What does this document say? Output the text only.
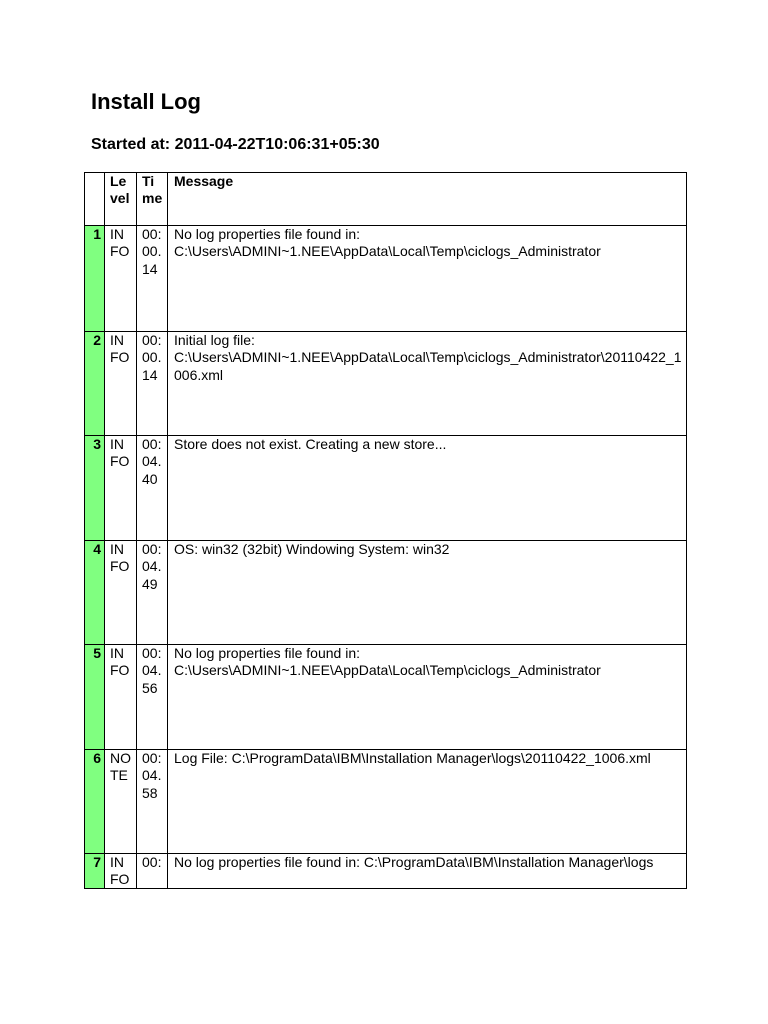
Install Log
Started at: 2011-04-22T10:06:31+05:30
	Level	Time	Message
1	INFO	00:00.14	No log properties file found in: C:\Users\ADMINI~1.NEE\AppData\Local\Temp\ciclogs_Administrator
2	INFO	00:00.14	Initial log file: C:\Users\ADMINI~1.NEE\AppData\Local\Temp\ciclogs_Administrator\20110422_1006.xml
3	INFO	00:04.40	Store does not exist. Creating a new store...
4	INFO	00:04.49	OS: win32 (32bit) Windowing System: win32
5	INFO	00:04.56	No log properties file found in: C:\Users\ADMINI~1.NEE\AppData\Local\Temp\ciclogs_Administrator
6	NOTE	00:04.58	Log File: C:\ProgramData\IBM\Installation Manager\logs\20110422_1006.xml
7	INFO	00:	No log properties file found in: C:\ProgramData\IBM\Installation Manager\logs
